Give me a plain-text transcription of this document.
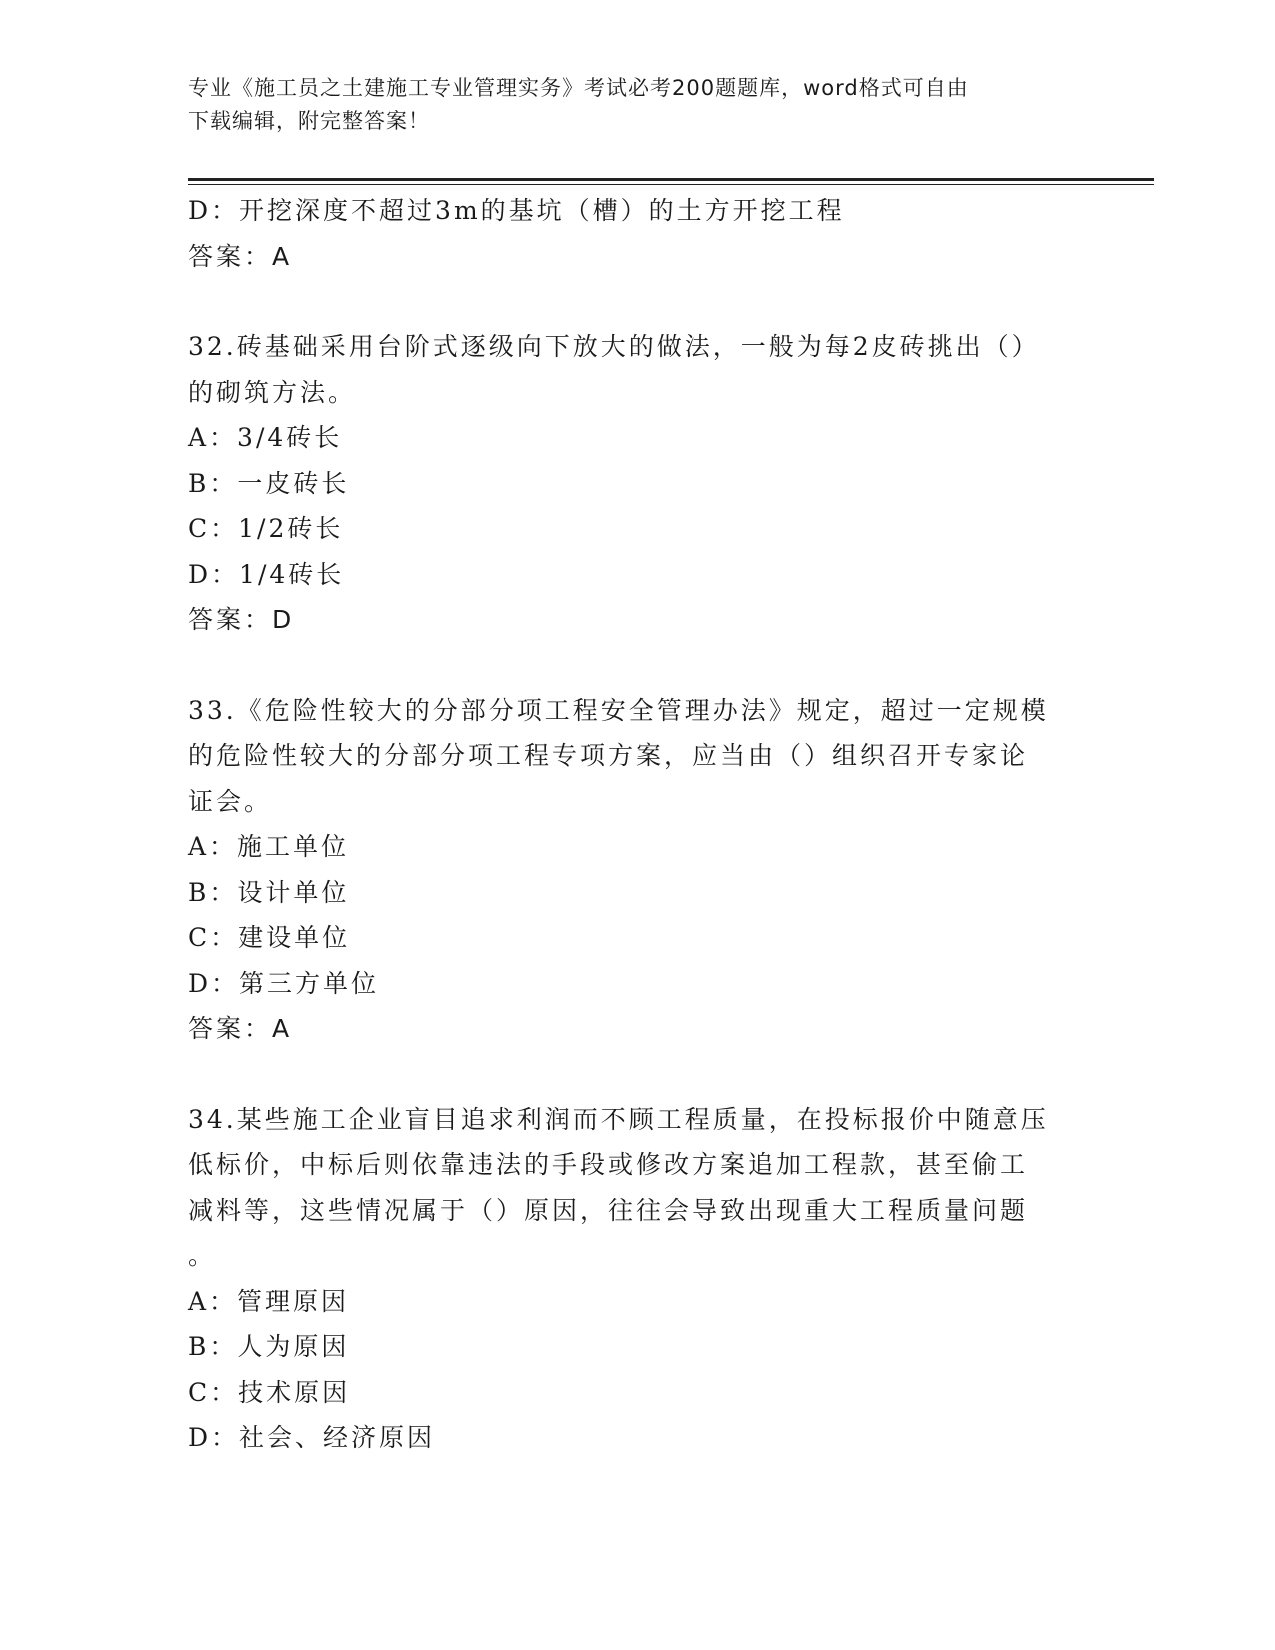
专业《施工员之土建施工专业管理实务》考试必考200题题库，word格式可自由
下载编辑，附完整答案！
D：开挖深度不超过3m的基坑（槽）的土方开挖工程
答案：A
32.砖基础采用台阶式逐级向下放大的做法，一般为每2皮砖挑出（）
的砌筑方法。
A：3/4砖长
B：一皮砖长
C：1/2砖长
D：1/4砖长
答案：D
33.《危险性较大的分部分项工程安全管理办法》规定，超过一定规模
的危险性较大的分部分项工程专项方案，应当由（）组织召开专家论
证会。
A：施工单位
B：设计单位
C：建设单位
D：第三方单位
答案：A
34.某些施工企业盲目追求利润而不顾工程质量，在投标报价中随意压
低标价，中标后则依靠违法的手段或修改方案追加工程款，甚至偷工
减料等，这些情况属于（）原因，往往会导致出现重大工程质量问题
。
A：管理原因
B：人为原因
C：技术原因
D：社会、经济原因
